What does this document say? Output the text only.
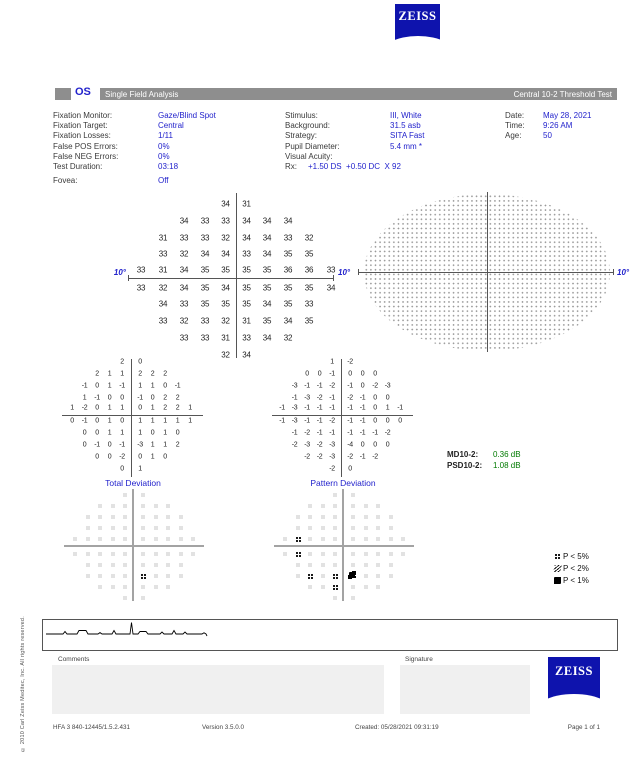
ZEISS
OS Single Field Analysis	Central 10-2 Threshold Test
Fixation Monitor:	Gaze/Blind Spot
Fixation Target:	Central
Fixation Losses:	1/11
False POS Errors:	0%
False NEG Errors:	0%
Test Duration:	03:18
Fovea:	Off
Stimulus:	III, White
Background:	31.5 asb
Strategy:	SITA Fast
Pupil Diameter:	5.4 mm *
Visual Acuity:
Rx: +1.50 DS  +0.50 DC  X 92
Date: May 28, 2021
Time: 9:26 AM
Age:	50
10°	10°	10°
Total Deviation	Pattern Deviation
MD10-2: 0.36 dB
PSD10-2: 1.08 dB
P < 5%
P < 2%
P < 1%
Comments	Signature
ZEISS
HFA 3 840-12445/1.5.2.431	Version 3.5.0.0	Created: 05/28/2021 09:31:19	Page 1 of 1
© 2010 Carl Zeiss Meditec, Inc. All rights reserved.
34 31
34 33 33 34 34 34
31 33 33 32 34 34 33 32
33 32 34 34 33 34 35 35
33 31 34 35 35 35 35 36 36 33
33 32 34 35 34 35 35 35 35 34
34 33 35 35 35 34 35 33
33 32 33 32 31 35 34 35
33 33 31 33 34 32
32 34
2 0
2 1 1 2 2 2
-1 0 1 -1 1 1 0 -1
1 -1 0 0 -1 0 2 2
1 -2 0 1 1 0 1 2 2 1
0 -1 0 1 0 1 1 1 1 1
0 0 1 1 1 0 1 0
0 -1 0 -1 -3 1 1 2
0 0 -2 0 1 0
0 1
1 -2
0 0 -1 0 0 0
-3 -1 -1 -2 -1 0 -2 -3
-1 -3 -2 -1 -2 -1 0 0
-1 -3 -1 -1 -1 -1 -1 0 1 -1
-1 -3 -1 -1 -2 -1 -1 0 0 0
-1 -2 -1 -1 -1 -1 -1 -2
-2 -3 -2 -3 -4 0 0 0
-2 -2 -3 -2 -1 -2
-2 0
